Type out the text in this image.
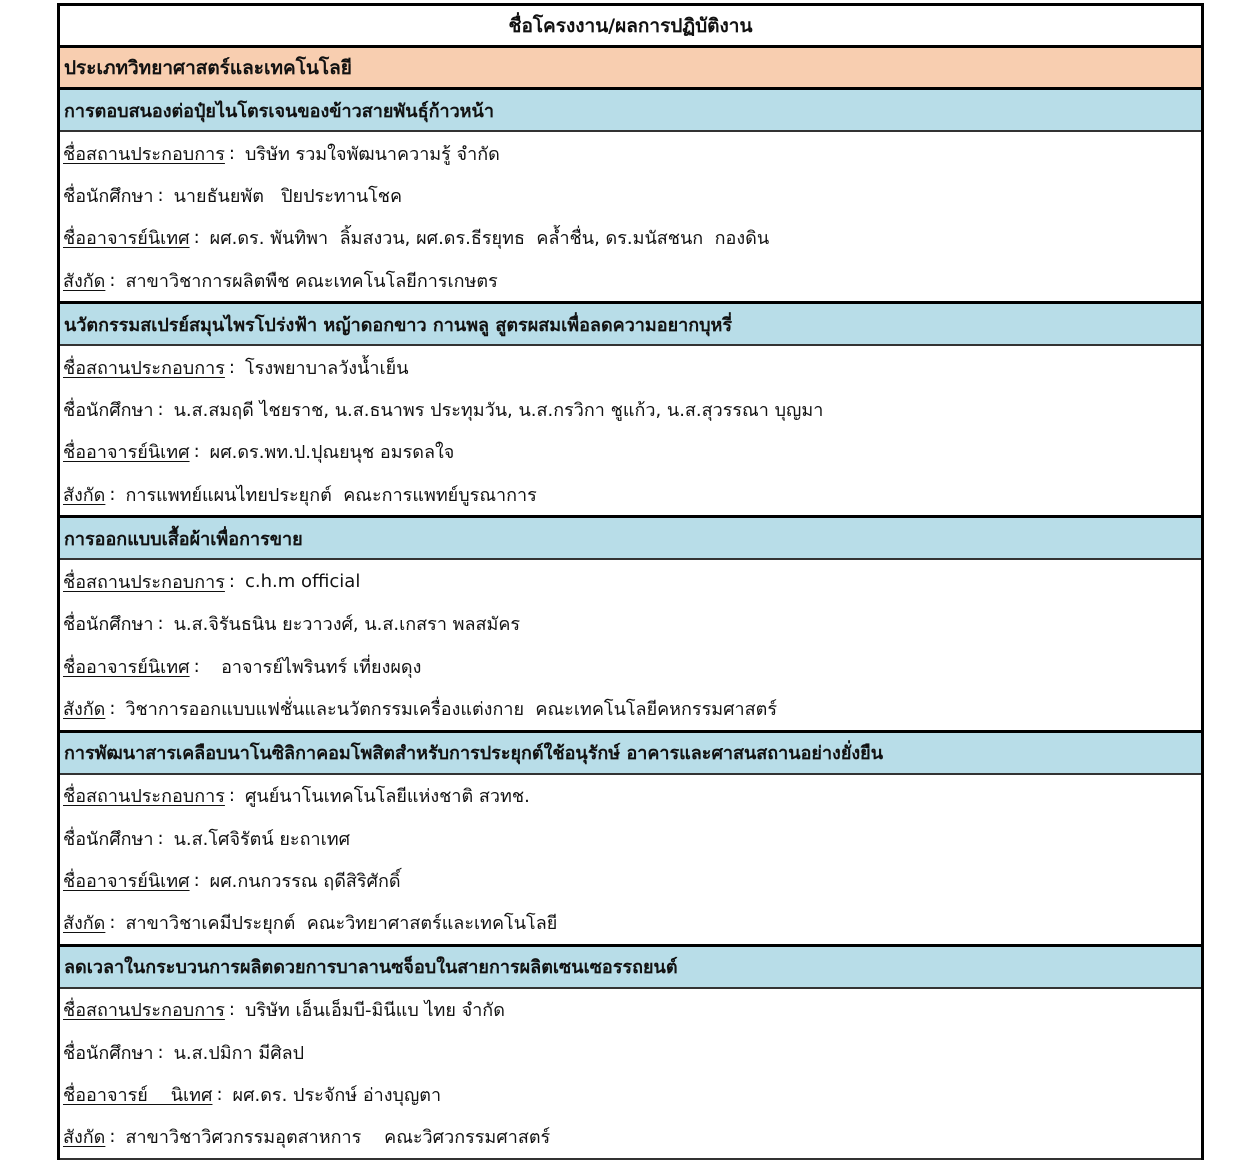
ชื่อโครงงาน/ผลการปฏิบัติงาน
ประเภทวิทยาศาสตร์และเทคโนโลยี
การตอบสนองต่อปุ๋ยไนโตรเจนของข้าวสายพันธุ์ก้าวหน้า
ชื่อสถานประกอบการ : บริษัท รวมใจพัฒนาความรู้ จำกัด
ชื่อนักศึกษา : นายธันยพัต   ปิยประทานโชค
ชื่ออาจารย์นิเทศ : ผศ.ดร. พันทิพา  ลิ้มสงวน, ผศ.ดร.ธีรยุทธ  คล้ำชื่น, ดร.มนัสชนก  กองดิน
สังกัด : สาขาวิชาการผลิตพืช คณะเทคโนโลยีการเกษตร
นวัตกรรมสเปรย์สมุนไพรโปร่งฟ้า หญ้าดอกขาว กานพลู สูตรผสมเพื่อลดความอยากบุหรี่
ชื่อสถานประกอบการ : โรงพยาบาลวังน้ำเย็น
ชื่อนักศึกษา : น.ส.สมฤดี ไชยราช, น.ส.ธนาพร ประทุมวัน, น.ส.กรวิกา ชูแก้ว, น.ส.สุวรรณา บุญมา
ชื่ออาจารย์นิเทศ : ผศ.ดร.พท.ป.ปุณยนุช อมรดลใจ
สังกัด : การแพทย์แผนไทยประยุกต์  คณะการแพทย์บูรณาการ
การออกแบบเสื้อผ้าเพื่อการขาย
ชื่อสถานประกอบการ : c.h.m official
ชื่อนักศึกษา : น.ส.จิรันธนิน ยะวาวงศ์, น.ส.เกสรา พลสมัคร
ชื่ออาจารย์นิเทศ : อาจารย์ไพรินทร์ เที่ยงผดุง
สังกัด : วิชาการออกแบบแฟชั่นและนวัตกรรมเครื่องแต่งกาย  คณะเทคโนโลยีคหกรรมศาสตร์
การพัฒนาสารเคลือบนาโนซิลิกาคอมโพสิตสำหรับการประยุกต์ใช้อนุรักษ์ อาคารและศาสนสถานอย่างยั่งยืน
ชื่อสถานประกอบการ : ศูนย์นาโนเทคโนโลยีแห่งชาติ สวทช.
ชื่อนักศึกษา : น.ส.โศจิรัตน์ ยะถาเทศ
ชื่ออาจารย์นิเทศ : ผศ.กนกวรรณ ฤดีสิริศักดิ์
สังกัด : สาขาวิชาเคมีประยุกต์  คณะวิทยาศาสตร์และเทคโนโลยี
ลดเวลาในกระบวนการผลิตดวยการบาลานซจ็อบในสายการผลิตเซนเซอรรถยนต์
ชื่อสถานประกอบการ : บริษัท เอ็นเอ็มบี-มินีแบ ไทย จำกัด
ชื่อนักศึกษา : น.ส.ปมิกา มีศิลป
ชื่ออาจารย์    นิเทศ : ผศ.ดร. ประจักษ์ อ่างบุญตา
สังกัด : สาขาวิชาวิศวกรรมอุตสาหการ    คณะวิศวกรรมศาสตร์
